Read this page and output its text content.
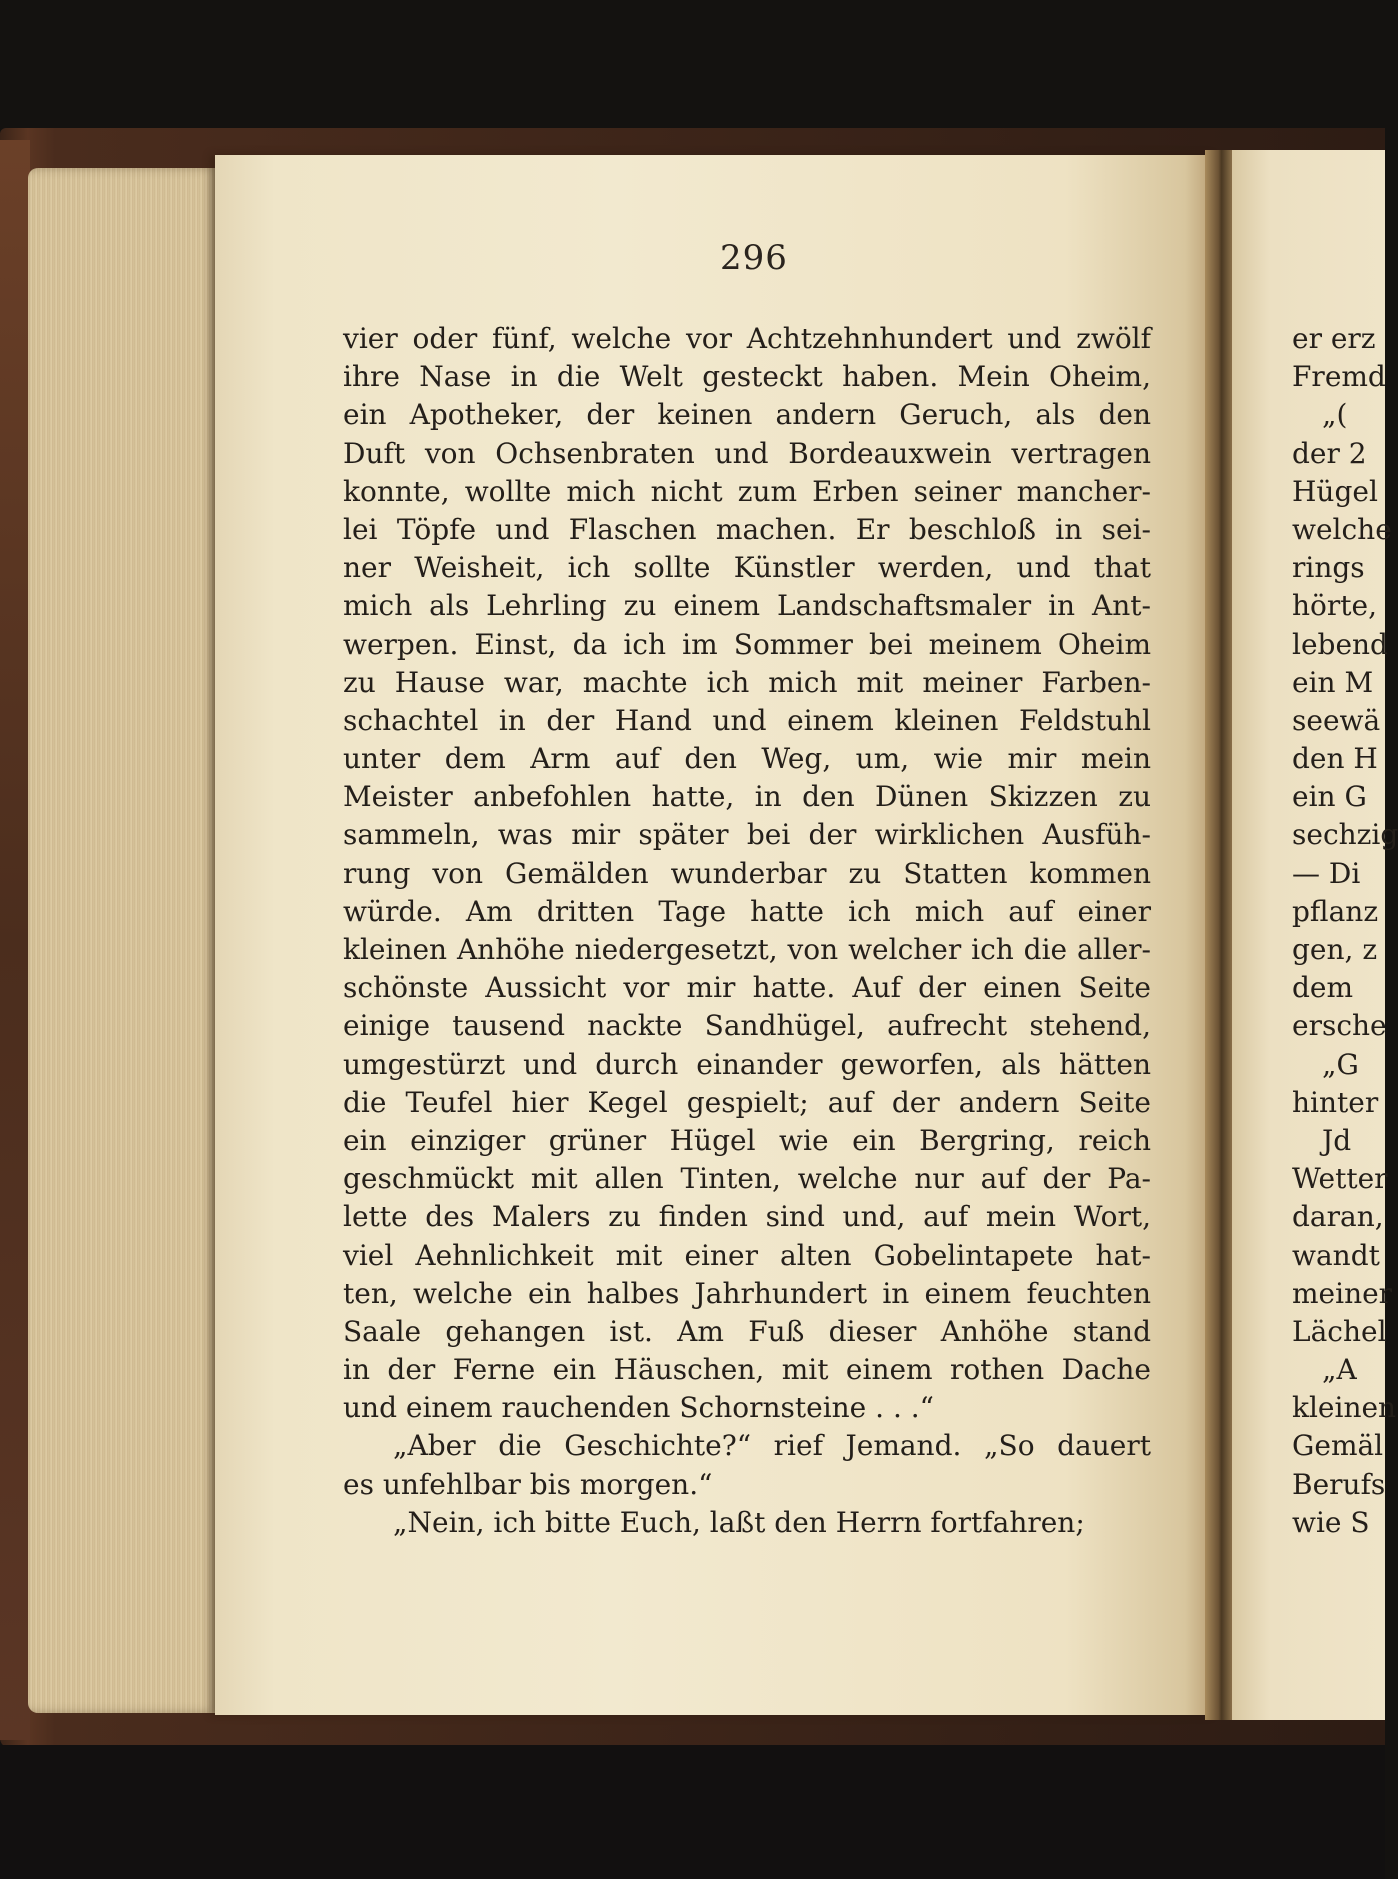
296
vier oder fünf, welche vor Achtzehnhundert und zwölf
ihre Nase in die Welt gesteckt haben. Mein Oheim,
ein Apotheker, der keinen andern Geruch, als den
Duft von Ochsenbraten und Bordeauxwein vertragen
konnte, wollte mich nicht zum Erben seiner mancher-
lei Töpfe und Flaschen machen. Er beschloß in sei-
ner Weisheit, ich sollte Künstler werden, und that
mich als Lehrling zu einem Landschaftsmaler in Ant-
werpen. Einst, da ich im Sommer bei meinem Oheim
zu Hause war, machte ich mich mit meiner Farben-
schachtel in der Hand und einem kleinen Feldstuhl
unter dem Arm auf den Weg, um, wie mir mein
Meister anbefohlen hatte, in den Dünen Skizzen zu
sammeln, was mir später bei der wirklichen Ausfüh-
rung von Gemälden wunderbar zu Statten kommen
würde. Am dritten Tage hatte ich mich auf einer
kleinen Anhöhe niedergesetzt, von welcher ich die aller-
schönste Aussicht vor mir hatte. Auf der einen Seite
einige tausend nackte Sandhügel, aufrecht stehend,
umgestürzt und durch einander geworfen, als hätten
die Teufel hier Kegel gespielt; auf der andern Seite
ein einziger grüner Hügel wie ein Bergring, reich
geschmückt mit allen Tinten, welche nur auf der Pa-
lette des Malers zu finden sind und, auf mein Wort,
viel Aehnlichkeit mit einer alten Gobelintapete hat-
ten, welche ein halbes Jahrhundert in einem feuchten
Saale gehangen ist. Am Fuß dieser Anhöhe stand
in der Ferne ein Häuschen, mit einem rothen Dache
und einem rauchenden Schornsteine . . .“
„Aber die Geschichte?“ rief Jemand. „So dauert
es unfehlbar bis morgen.“
„Nein, ich bitte Euch, laßt den Herrn fortfahren;
er erz
Fremd
„(
der 2
Hügel
welche
rings
hörte,
lebend
ein M
seewä
den H
ein G
sechzig
— Di
pflanz
gen, z
dem
ersche
„G
hinter
Jd
Wetter
daran,
wandt
meiner
Lächel
„A
kleinen
Gemäl
Berufs
wie S
